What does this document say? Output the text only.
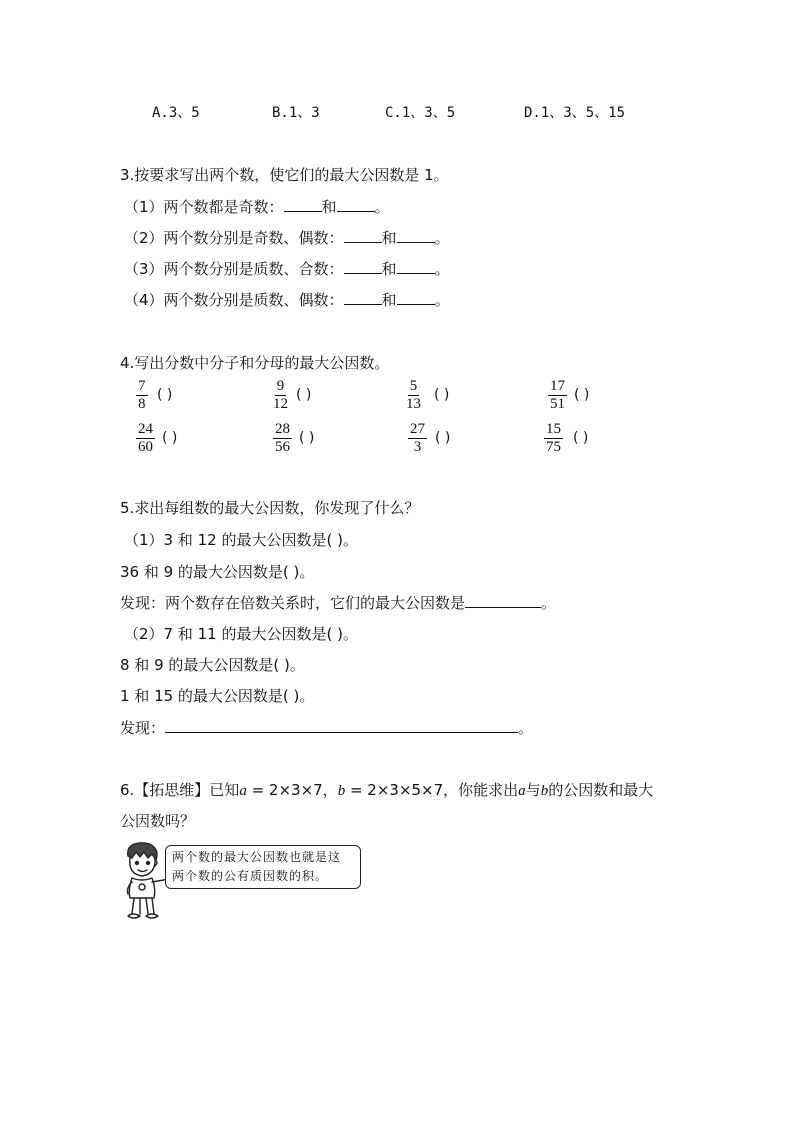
A.3、5	B.1、3	C.1、3、5	D.1、3、5、15
3.按要求写出两个数，使它们的最大公因数是 1。
（1）两个数都是奇数：	和	。
（2）两个数分别是奇数、偶数：	和	。
（3）两个数分别是质数、合数：	和	。
（4）两个数分别是质数、偶数：	和	。
4.写出分数中分子和分母的最大公因数。
$\frac{7}{8}$ ( )	$\frac{9}{12}$ ( )	$\frac{5}{13}$ ( )	$\frac{17}{51}$ ( )
$\frac{24}{60}$ ( )	$\frac{28}{56}$ ( )	$\frac{27}{3}$ ( )	$\frac{15}{75}$ ( )
5.求出每组数的最大公因数，你发现了什么？
（1）3 和 12 的最大公因数是( )。
36 和 9 的最大公因数是( )。
发现：两个数存在倍数关系时，它们的最大公因数是	。
（2）7 和 11 的最大公因数是( )。
8 和 9 的最大公因数是( )。
1 和 15 的最大公因数是( )。
发现：	。
6.【拓思维】已知a = 2×3×7，b = 2×3×5×7，你能求出a与b的公因数和最大
公因数吗？
两个数的最大公因数也就是这
两个数的公有质因数的积。
